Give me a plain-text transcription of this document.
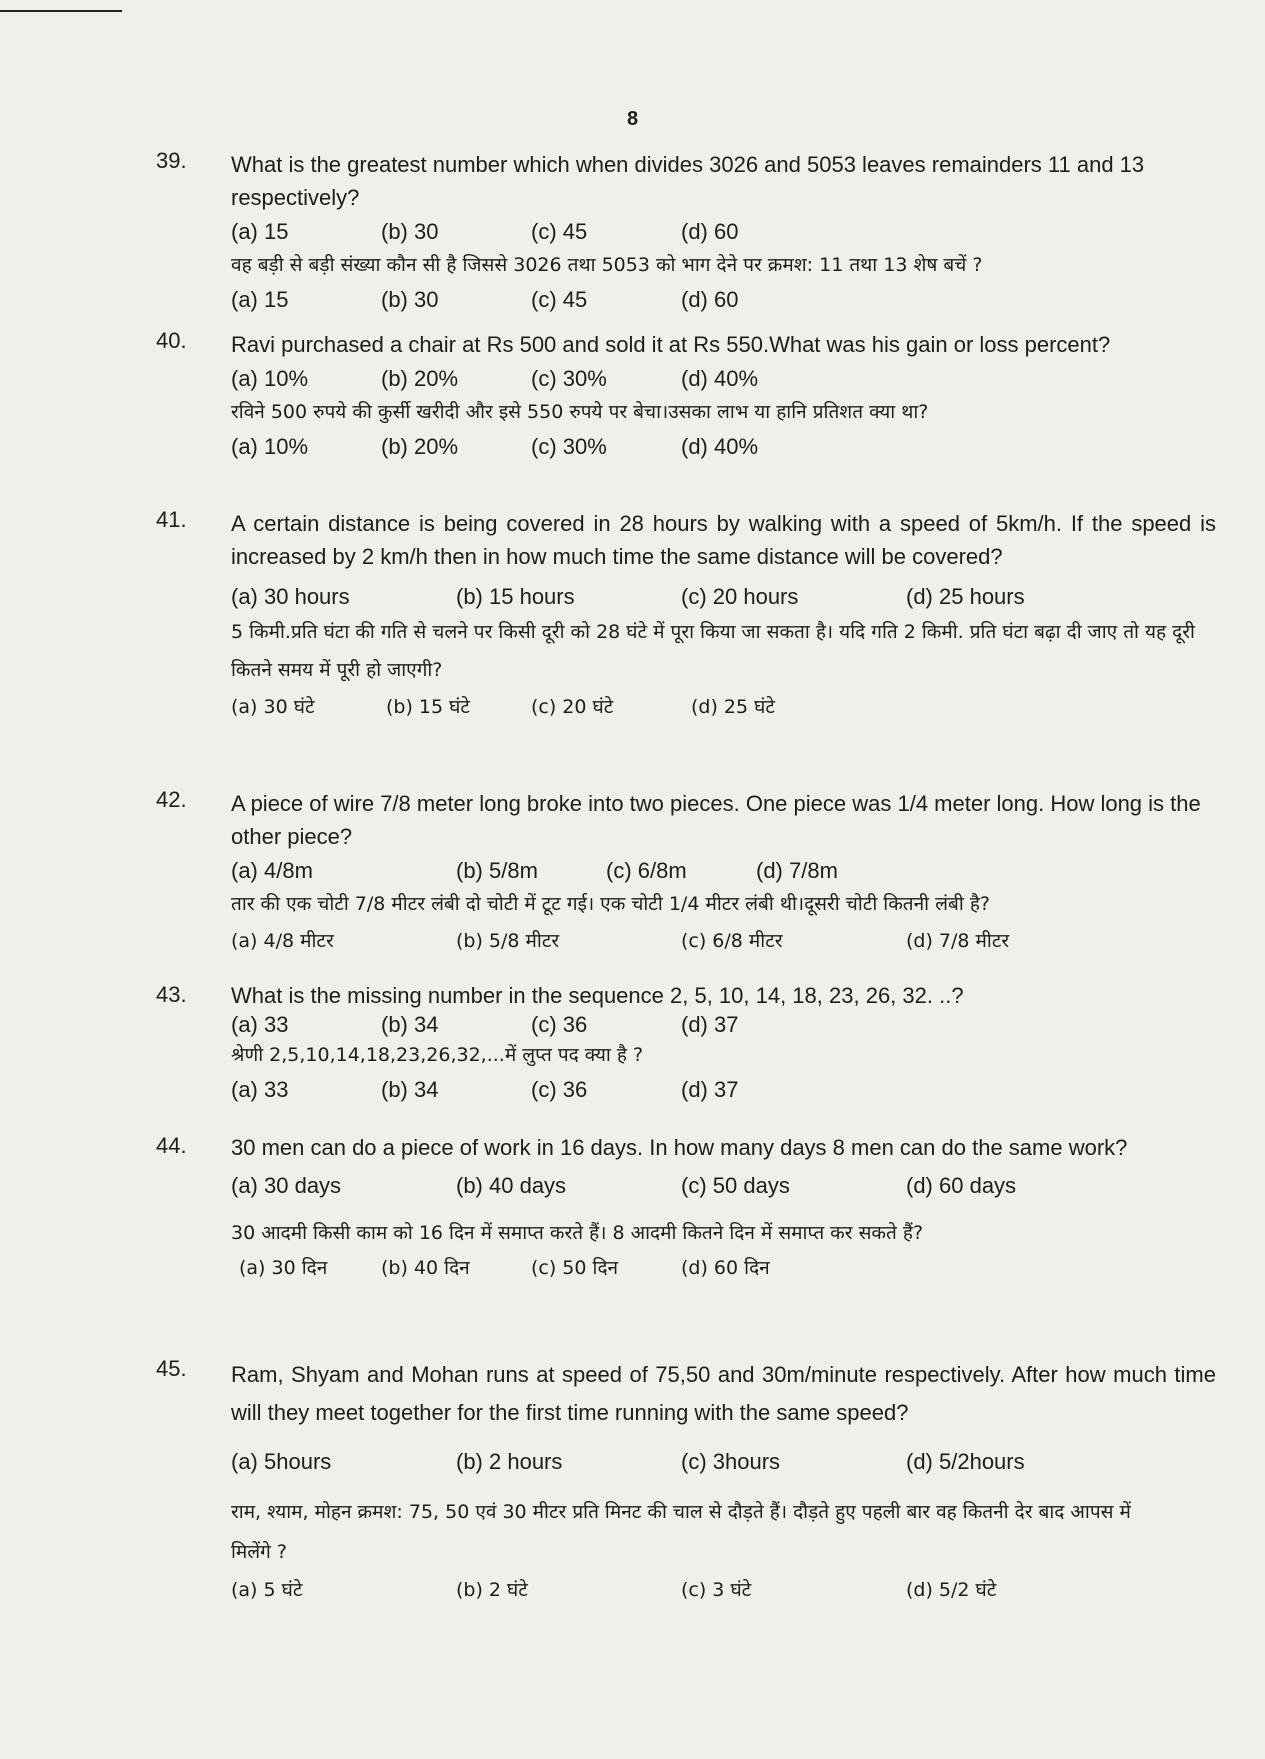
8
39. What is the greatest number which when divides 3026 and 5053 leaves remainders 11 and 13 respectively?
(a) 15	(b) 30	(c) 45	(d) 60
वह बड़ी से बड़ी संख्या कौन सी है जिससे 3026 तथा 5053 को भाग देने पर क्रमश: 11 तथा 13 शेष बचें ?
(a) 15	(b) 30	(c) 45	(d) 60
40. Ravi purchased a chair at Rs 500 and sold it at Rs 550.What was his gain or loss percent?
(a) 10%	(b) 20%	(c) 30%	(d) 40%
रविने 500 रुपये की कुर्सी खरीदी और इसे 550 रुपये पर बेचा।उसका लाभ या हानि प्रतिशत क्या था?
(a) 10%	(b) 20%	(c) 30%	(d) 40%
41. A certain distance is being covered in 28 hours by walking with a speed of 5km/h. If the speed is increased by 2 km/h then in how much time the same distance will be covered?
(a) 30 hours	(b) 15 hours	(c) 20 hours	(d) 25 hours
5 किमी.प्रति घंटा की गति से चलने पर किसी दूरी को 28 घंटे में पूरा किया जा सकता है। यदि गति 2 किमी. प्रति घंटा बढ़ा दी जाए तो यह दूरी कितने समय में पूरी हो जाएगी?
(a) 30 घंटे	(b) 15 घंटे	(c) 20 घंटे	(d) 25 घंटे
42. A piece of wire 7/8 meter long broke into two pieces. One piece was 1/4 meter long. How long is the other piece?
(a) 4/8m	(b) 5/8m	(c) 6/8m	(d) 7/8m
तार की एक चोटी 7/8 मीटर लंबी दो चोटी में टूट गई। एक चोटी 1/4 मीटर लंबी थी।दूसरी चोटी कितनी लंबी है?
(a) 4/8 मीटर	(b) 5/8 मीटर	(c) 6/8 मीटर	(d) 7/8 मीटर
43. What is the missing number in the sequence 2, 5, 10, 14, 18, 23, 26, 32. ..?
(a) 33	(b) 34	(c) 36	(d) 37
श्रेणी 2,5,10,14,18,23,26,32,...में लुप्त पद क्या है ?
(a) 33	(b) 34	(c) 36	(d) 37
44. 30 men can do a piece of work in 16 days. In how many days 8 men can do the same work?
(a) 30 days	(b) 40 days	(c) 50 days	(d) 60 days
30 आदमी किसी काम को 16 दिन में समाप्त करते हैं। 8 आदमी कितने दिन में समाप्त कर सकते हैं?
(a) 30 दिन	(b) 40 दिन	(c) 50 दिन	(d) 60 दिन
45. Ram, Shyam and Mohan runs at speed of 75,50 and 30m/minute respectively. After how much time will they meet together for the first time running with the same speed?
(a) 5hours	(b) 2 hours	(c) 3hours	(d) 5/2hours
राम, श्याम, मोहन क्रमश: 75, 50 एवं 30 मीटर प्रति मिनट की चाल से दौड़ते हैं। दौड़ते हुए पहली बार वह कितनी देर बाद आपस में मिलेंगे ?
(a) 5 घंटे	(b) 2 घंटे	(c) 3 घंटे	(d) 5/2 घंटे
